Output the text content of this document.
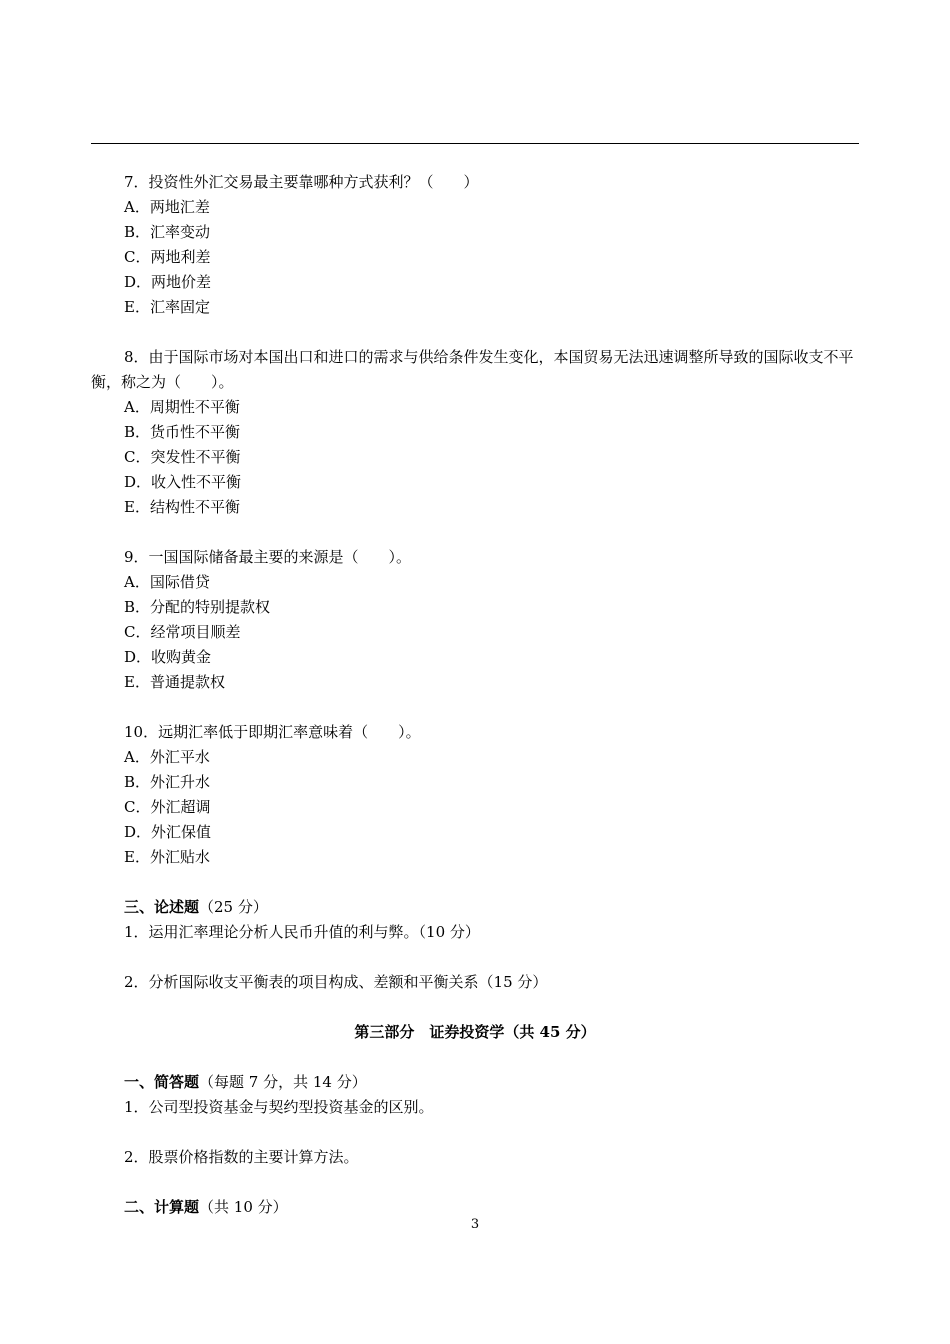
7．投资性外汇交易最主要靠哪种方式获利？（　　）

A．两地汇差

B．汇率变动

C．两地利差

D．两地价差

E．汇率固定

8．由于国际市场对本国出口和进口的需求与供给条件发生变化，本国贸易无法迅速调整所导致的国际收支不平衡，称之为（　　）。

A．周期性不平衡

B．货币性不平衡

C．突发性不平衡

D．收入性不平衡

E．结构性不平衡

9．一国国际储备最主要的来源是（　　）。

A．国际借贷

B．分配的特别提款权

C．经常项目顺差

D．收购黄金

E．普通提款权

10．远期汇率低于即期汇率意味着（　　）。

A．外汇平水

B．外汇升水

C．外汇超调

D．外汇保值

E．外汇贴水

三、论述题（25 分）

1．运用汇率理论分析人民币升值的利与弊。（10 分）

2．分析国际收支平衡表的项目构成、差额和平衡关系（15 分）

第三部分　证券投资学（共 45 分）

一、简答题（每题 7 分，共 14 分）

1．公司型投资基金与契约型投资基金的区别。

2．股票价格指数的主要计算方法。

二、计算题（共 10 分）

3
